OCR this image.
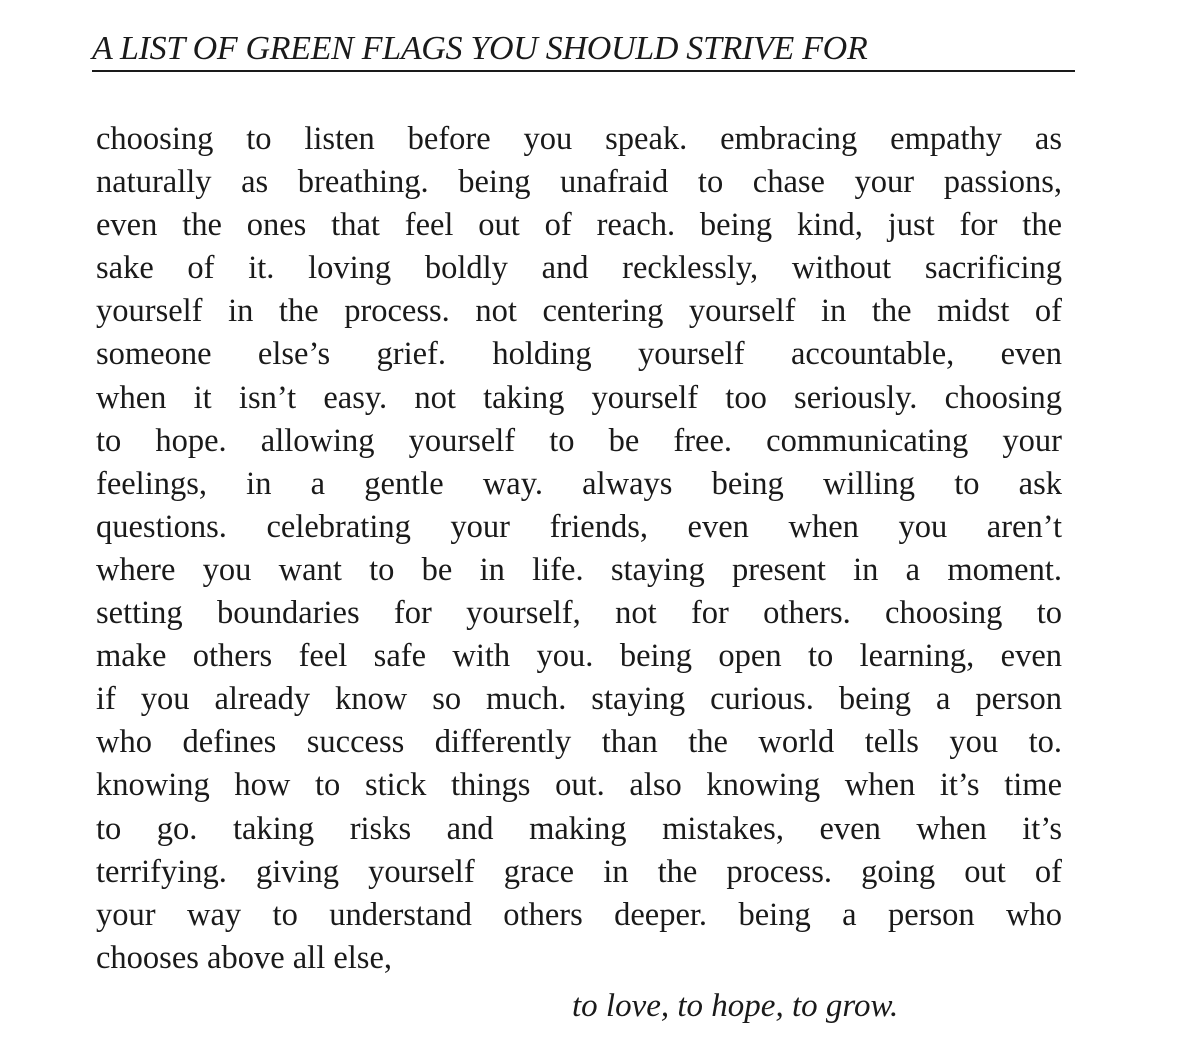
A LIST OF GREEN FLAGS YOU SHOULD STRIVE FOR
choosing to listen before you speak. embracing empathy as
naturally as breathing. being unafraid to chase your passions,
even the ones that feel out of reach. being kind, just for the
sake of it. loving boldly and recklessly, without sacrificing
yourself in the process. not centering yourself in the midst of
someone else’s grief. holding yourself accountable, even
when it isn’t easy. not taking yourself too seriously. choosing
to hope. allowing yourself to be free. communicating your
feelings, in a gentle way. always being willing to ask
questions. celebrating your friends, even when you aren’t
where you want to be in life. staying present in a moment.
setting boundaries for yourself, not for others. choosing to
make others feel safe with you. being open to learning, even
if you already know so much. staying curious. being a person
who defines success differently than the world tells you to.
knowing how to stick things out. also knowing when it’s time
to go. taking risks and making mistakes, even when it’s
terrifying. giving yourself grace in the process. going out of
your way to understand others deeper. being a person who
chooses above all else,

to love, to hope, to grow.
